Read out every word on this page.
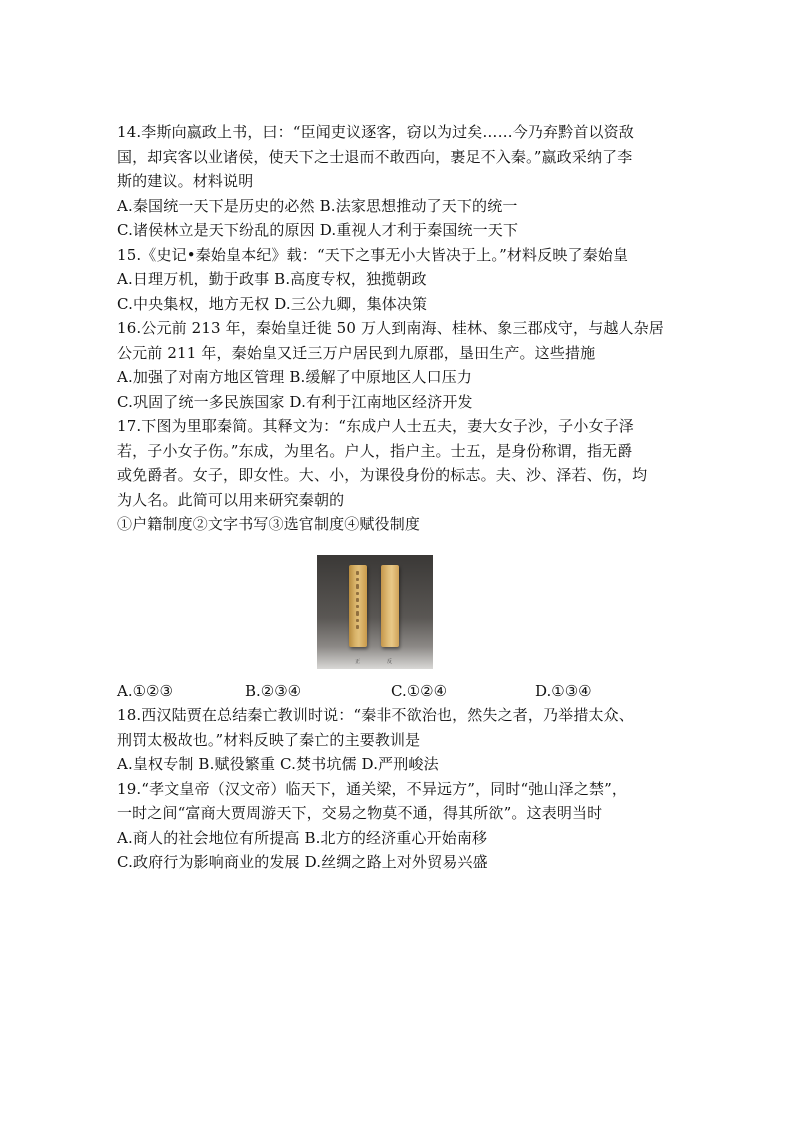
14.李斯向嬴政上书，曰：“臣闻吏议逐客，窃以为过矣……今乃弃黔首以资敌
国，却宾客以业诸侯，使天下之士退而不敢西向，裹足不入秦。”嬴政采纳了李
斯的建议。材料说明
A.秦国统一天下是历史的必然 B.法家思想推动了天下的统一
C.诸侯林立是天下纷乱的原因 D.重视人才利于秦国统一天下
15.《史记•秦始皇本纪》载：“天下之事无小大皆决于上。”材料反映了秦始皇
A.日理万机，勤于政事 B.高度专权，独揽朝政
C.中央集权，地方无权 D.三公九卿，集体决策
16.公元前 213 年，秦始皇迁徙 50 万人到南海、桂林、象三郡戍守，与越人杂居
公元前 211 年，秦始皇又迁三万户居民到九原郡，垦田生产。这些措施
A.加强了对南方地区管理 B.缓解了中原地区人口压力
C.巩固了统一多民族国家 D.有利于江南地区经济开发
17.下图为里耶秦简。其释文为：“东成户人士五夫，妻大女子沙，子小女子泽
若，子小女子伤。”东成，为里名。户人，指户主。士五，是身份称谓，指无爵
或免爵者。女子，即女性。大、小，为课役身份的标志。夫、沙、泽若、伤，均
为人名。此简可以用来研究秦朝的
①户籍制度②文字书写③选官制度④赋役制度
正	反
A.①②③	B.②③④	C.①②④	D.①③④
18.西汉陆贾在总结秦亡教训时说：“秦非不欲治也，然失之者，乃举措太众、
刑罚太极故也。”材料反映了秦亡的主要教训是
A.皇权专制 B.赋役繁重 C.焚书坑儒 D.严刑峻法
19.“孝文皇帝（汉文帝）临天下，通关梁，不异远方”，同时“弛山泽之禁”，
一时之间“富商大贾周游天下，交易之物莫不通，得其所欲”。这表明当时
A.商人的社会地位有所提高 B.北方的经济重心开始南移
C.政府行为影响商业的发展 D.丝绸之路上对外贸易兴盛
